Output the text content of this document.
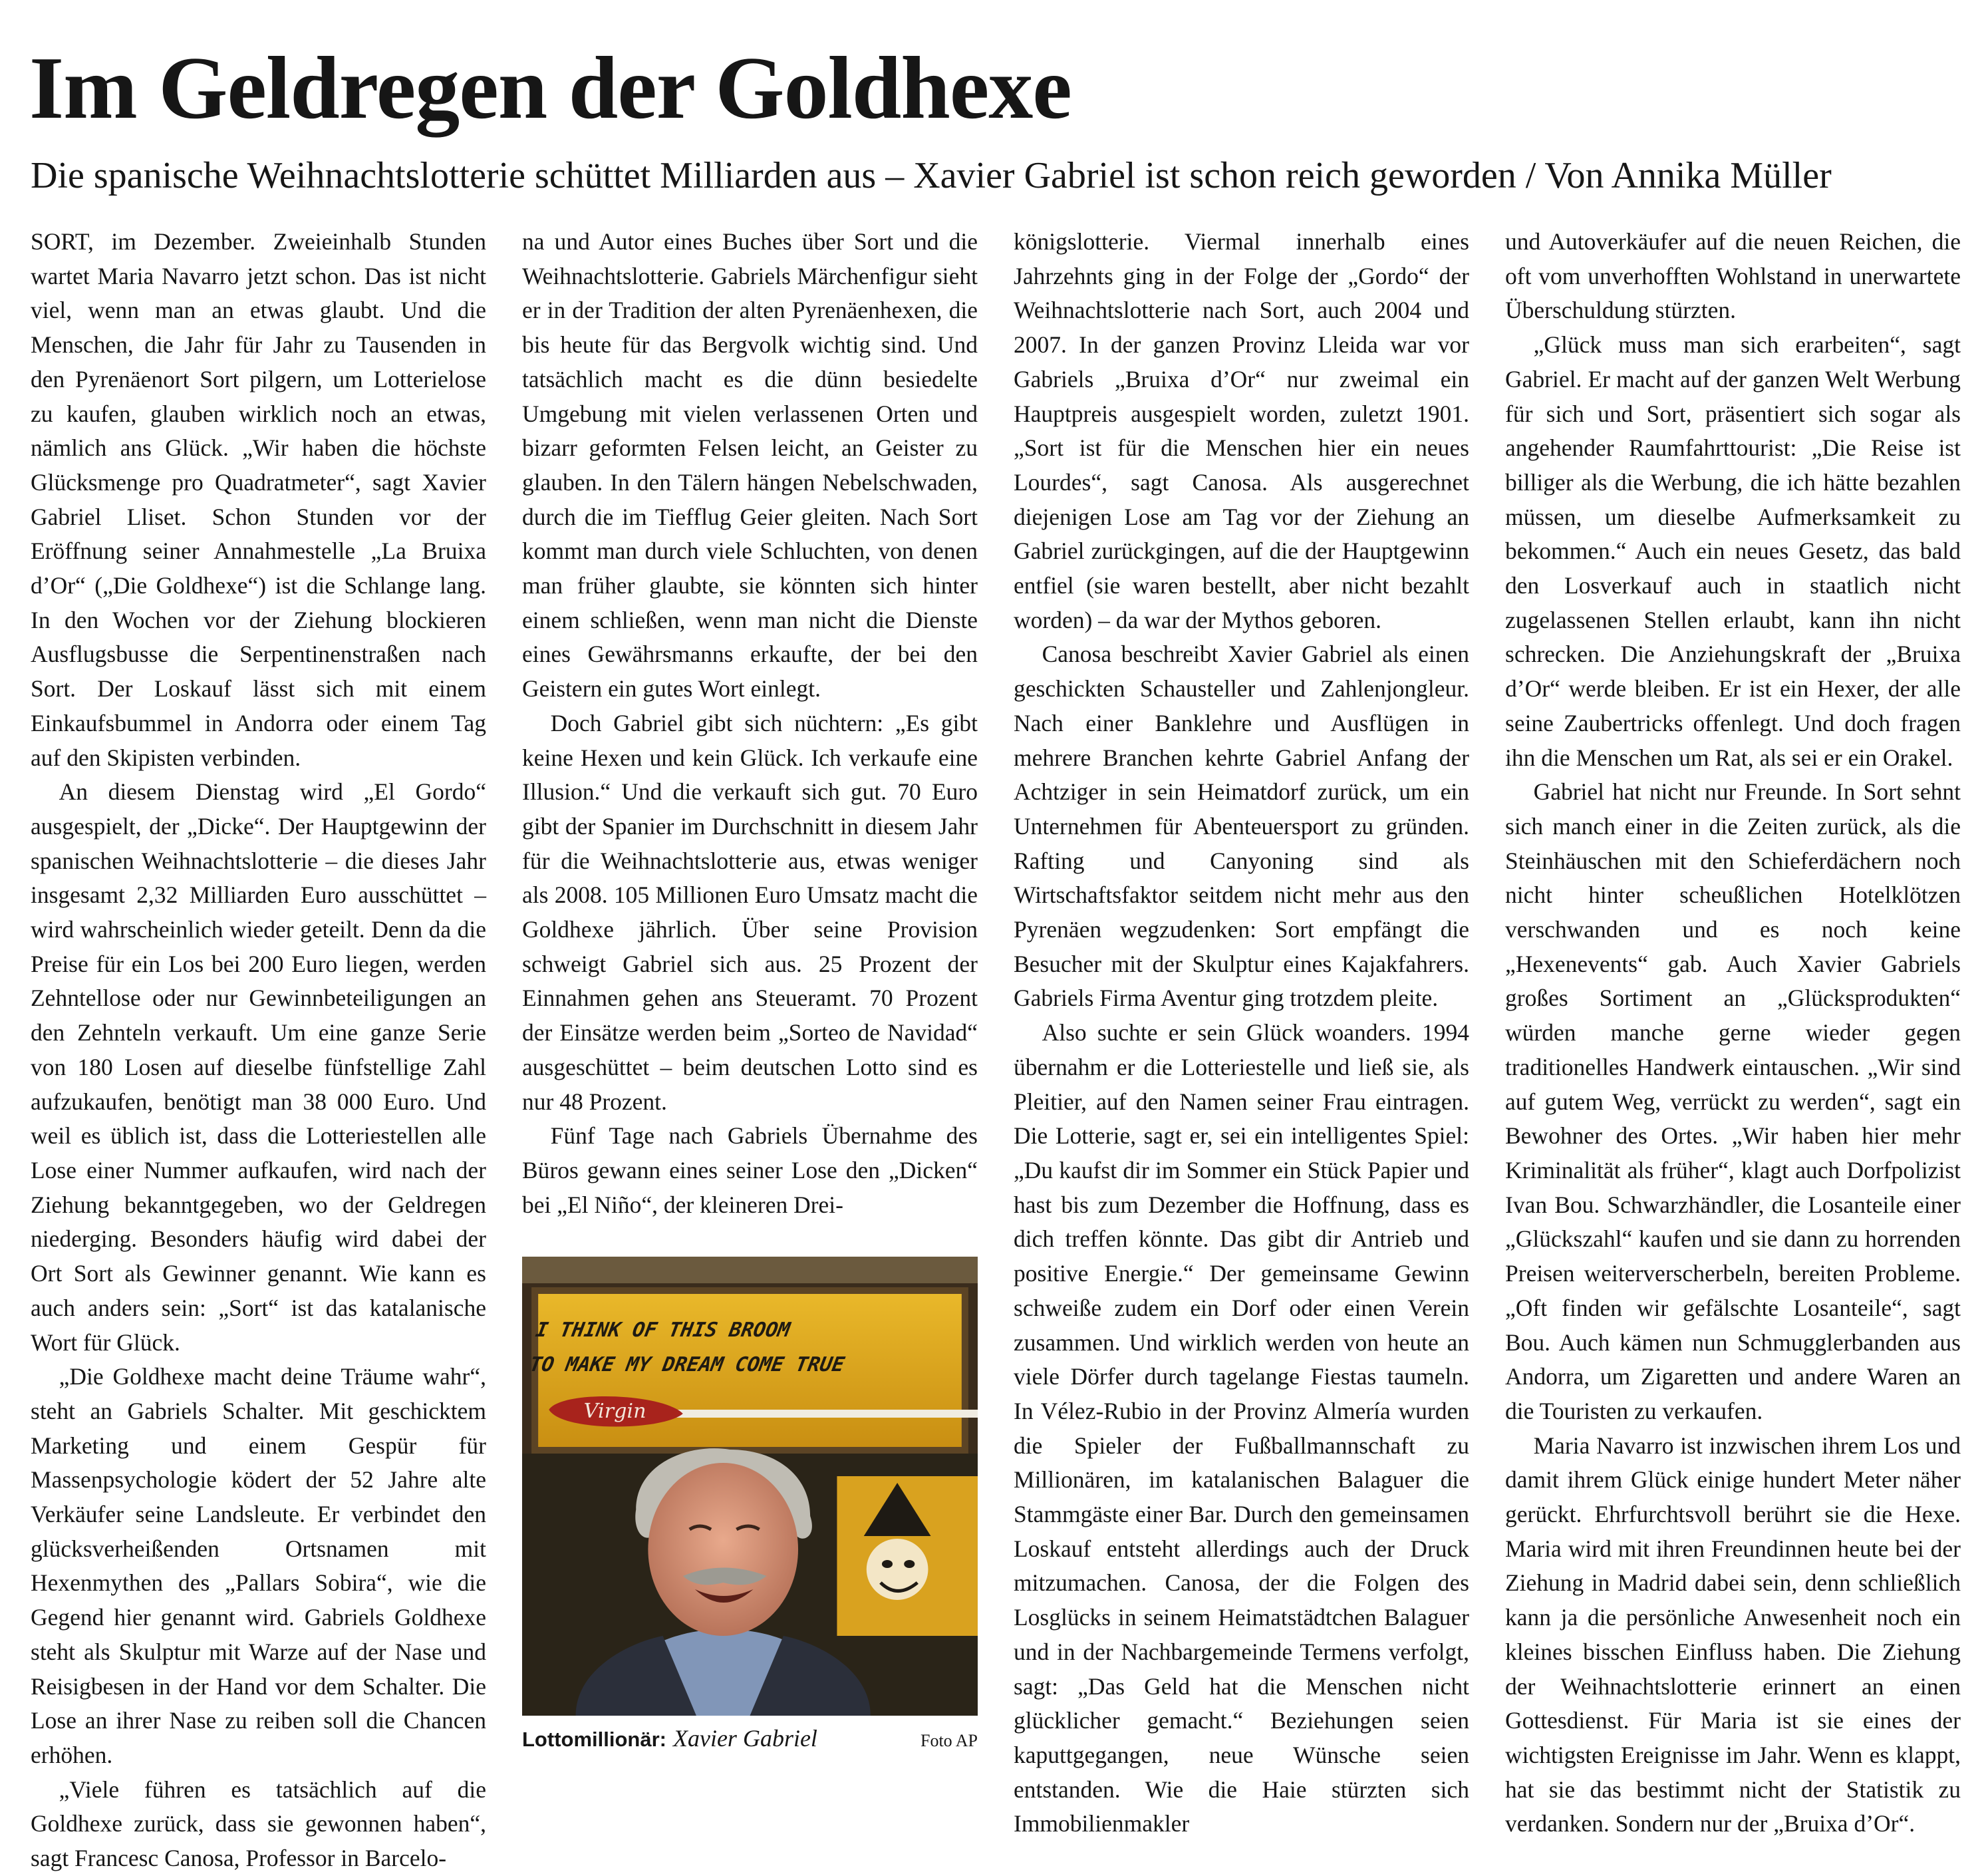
Im Geldregen der Goldhexe
Die spanische Weihnachtslotterie schüttet Milliarden aus – Xavier Gabriel ist schon reich geworden / Von Annika Müller

SORT, im Dezember. Zweieinhalb Stunden wartet Maria Navarro jetzt schon. Das ist nicht viel, wenn man an etwas glaubt. Und die Menschen, die Jahr für Jahr zu Tausenden in den Pyrenäenort Sort pilgern, um Lotterielose zu kaufen, glauben wirklich noch an etwas, nämlich ans Glück. „Wir haben die höchste Glücksmenge pro Quadratmeter“, sagt Xavier Gabriel Lliset. Schon Stunden vor der Eröffnung seiner Annahmestelle „La Bruixa d’Or“ („Die Goldhexe“) ist die Schlange lang. In den Wochen vor der Ziehung blockieren Ausflugsbusse die Serpentinenstraßen nach Sort. Der Loskauf lässt sich mit einem Einkaufsbummel in Andorra oder einem Tag auf den Skipisten verbinden.

An diesem Dienstag wird „El Gordo“ ausgespielt, der „Dicke“. Der Hauptgewinn der spanischen Weihnachtslotterie – die dieses Jahr insgesamt 2,32 Milliarden Euro ausschüttet – wird wahrscheinlich wieder geteilt. Denn da die Preise für ein Los bei 200 Euro liegen, werden Zehntellose oder nur Gewinnbeteiligungen an den Zehnteln verkauft. Um eine ganze Serie von 180 Losen auf dieselbe fünfstellige Zahl aufzukaufen, benötigt man 38 000 Euro. Und weil es üblich ist, dass die Lotteriestellen alle Lose einer Nummer aufkaufen, wird nach der Ziehung bekanntgegeben, wo der Geldregen niederging. Besonders häufig wird dabei der Ort Sort als Gewinner genannt. Wie kann es auch anders sein: „Sort“ ist das katalanische Wort für Glück.

„Die Goldhexe macht deine Träume wahr“, steht an Gabriels Schalter. Mit geschicktem Marketing und einem Gespür für Massenpsychologie ködert der 52 Jahre alte Verkäufer seine Landsleute. Er verbindet den glücksverheißenden Ortsnamen mit Hexenmythen des „Pallars Sobira“, wie die Gegend hier genannt wird. Gabriels Goldhexe steht als Skulptur mit Warze auf der Nase und Reisigbesen in der Hand vor dem Schalter. Die Lose an ihrer Nase zu reiben soll die Chancen erhöhen.

„Viele führen es tatsächlich auf die Goldhexe zurück, dass sie gewonnen haben“, sagt Francesc Canosa, Professor in Barcelo-

na und Autor eines Buches über Sort und die Weihnachtslotterie. Gabriels Märchenfigur sieht er in der Tradition der alten Pyrenäenhexen, die bis heute für das Bergvolk wichtig sind. Und tatsächlich macht es die dünn besiedelte Umgebung mit vielen verlassenen Orten und bizarr geformten Felsen leicht, an Geister zu glauben. In den Tälern hängen Nebelschwaden, durch die im Tiefflug Geier gleiten. Nach Sort kommt man durch viele Schluchten, von denen man früher glaubte, sie könnten sich hinter einem schließen, wenn man nicht die Dienste eines Gewährsmanns erkaufte, der bei den Geistern ein gutes Wort einlegt.

Doch Gabriel gibt sich nüchtern: „Es gibt keine Hexen und kein Glück. Ich verkaufe eine Illusion.“ Und die verkauft sich gut. 70 Euro gibt der Spanier im Durchschnitt in diesem Jahr für die Weihnachtslotterie aus, etwas weniger als 2008. 105 Millionen Euro Umsatz macht die Goldhexe jährlich. Über seine Provision schweigt Gabriel sich aus. 25 Prozent der Einnahmen gehen ans Steueramt. 70 Prozent der Einsätze werden beim „Sorteo de Navidad“ ausgeschüttet – beim deutschen Lotto sind es nur 48 Prozent.

Fünf Tage nach Gabriels Übernahme des Büros gewann eines seiner Lose den „Dicken“ bei „El Niño“, der kleineren Drei-

I THINK OF THIS BROOM
TO MAKE MY DREAM COME TRUE
Virgin
Lottomillionär: Xavier Gabriel	Foto AP

königslotterie. Viermal innerhalb eines Jahrzehnts ging in der Folge der „Gordo“ der Weihnachtslotterie nach Sort, auch 2004 und 2007. In der ganzen Provinz Lleida war vor Gabriels „Bruixa d’Or“ nur zweimal ein Hauptpreis ausgespielt worden, zuletzt 1901. „Sort ist für die Menschen hier ein neues Lourdes“, sagt Canosa. Als ausgerechnet diejenigen Lose am Tag vor der Ziehung an Gabriel zurückgingen, auf die der Hauptgewinn entfiel (sie waren bestellt, aber nicht bezahlt worden) – da war der Mythos geboren.

Canosa beschreibt Xavier Gabriel als einen geschickten Schausteller und Zahlenjongleur. Nach einer Banklehre und Ausflügen in mehrere Branchen kehrte Gabriel Anfang der Achtziger in sein Heimatdorf zurück, um ein Unternehmen für Abenteuersport zu gründen. Rafting und Canyoning sind als Wirtschaftsfaktor seitdem nicht mehr aus den Pyrenäen wegzudenken: Sort empfängt die Besucher mit der Skulptur eines Kajakfahrers. Gabriels Firma Aventur ging trotzdem pleite.

Also suchte er sein Glück woanders. 1994 übernahm er die Lotteriestelle und ließ sie, als Pleitier, auf den Namen seiner Frau eintragen. Die Lotterie, sagt er, sei ein intelligentes Spiel: „Du kaufst dir im Sommer ein Stück Papier und hast bis zum Dezember die Hoffnung, dass es dich treffen könnte. Das gibt dir Antrieb und positive Energie.“ Der gemeinsame Gewinn schweiße zudem ein Dorf oder einen Verein zusammen. Und wirklich werden von heute an viele Dörfer durch tagelange Fiestas taumeln. In Vélez-Rubio in der Provinz Almería wurden die Spieler der Fußballmannschaft zu Millionären, im katalanischen Balaguer die Stammgäste einer Bar. Durch den gemeinsamen Loskauf entsteht allerdings auch der Druck mitzumachen. Canosa, der die Folgen des Losglücks in seinem Heimatstädtchen Balaguer und in der Nachbargemeinde Termens verfolgt, sagt: „Das Geld hat die Menschen nicht glücklicher gemacht.“ Beziehungen seien kaputtgegangen, neue Wünsche seien entstanden. Wie die Haie stürzten sich Immobilienmakler

und Autoverkäufer auf die neuen Reichen, die oft vom unverhofften Wohlstand in unerwartete Überschuldung stürzten.

„Glück muss man sich erarbeiten“, sagt Gabriel. Er macht auf der ganzen Welt Werbung für sich und Sort, präsentiert sich sogar als angehender Raumfahrttourist: „Die Reise ist billiger als die Werbung, die ich hätte bezahlen müssen, um dieselbe Aufmerksamkeit zu bekommen.“ Auch ein neues Gesetz, das bald den Losverkauf auch in staatlich nicht zugelassenen Stellen erlaubt, kann ihn nicht schrecken. Die Anziehungskraft der „Bruixa d’Or“ werde bleiben. Er ist ein Hexer, der alle seine Zaubertricks offenlegt. Und doch fragen ihn die Menschen um Rat, als sei er ein Orakel.

Gabriel hat nicht nur Freunde. In Sort sehnt sich manch einer in die Zeiten zurück, als die Steinhäuschen mit den Schieferdächern noch nicht hinter scheußlichen Hotelklötzen verschwanden und es noch keine „Hexenevents“ gab. Auch Xavier Gabriels großes Sortiment an „Glücksprodukten“ würden manche gerne wieder gegen traditionelles Handwerk eintauschen. „Wir sind auf gutem Weg, verrückt zu werden“, sagt ein Bewohner des Ortes. „Wir haben hier mehr Kriminalität als früher“, klagt auch Dorfpolizist Ivan Bou. Schwarzhändler, die Losanteile einer „Glückszahl“ kaufen und sie dann zu horrenden Preisen weiterverscherbeln, bereiten Probleme. „Oft finden wir gefälschte Losanteile“, sagt Bou. Auch kämen nun Schmugglerbanden aus Andorra, um Zigaretten und andere Waren an die Touristen zu verkaufen.

Maria Navarro ist inzwischen ihrem Los und damit ihrem Glück einige hundert Meter näher gerückt. Ehrfurchtsvoll berührt sie die Hexe. Maria wird mit ihren Freundinnen heute bei der Ziehung in Madrid dabei sein, denn schließlich kann ja die persönliche Anwesenheit noch ein kleines bisschen Einfluss haben. Die Ziehung der Weihnachtslotterie erinnert an einen Gottesdienst. Für Maria ist sie eines der wichtigsten Ereignisse im Jahr. Wenn es klappt, hat sie das bestimmt nicht der Statistik zu verdanken. Sondern nur der „Bruixa d’Or“.
